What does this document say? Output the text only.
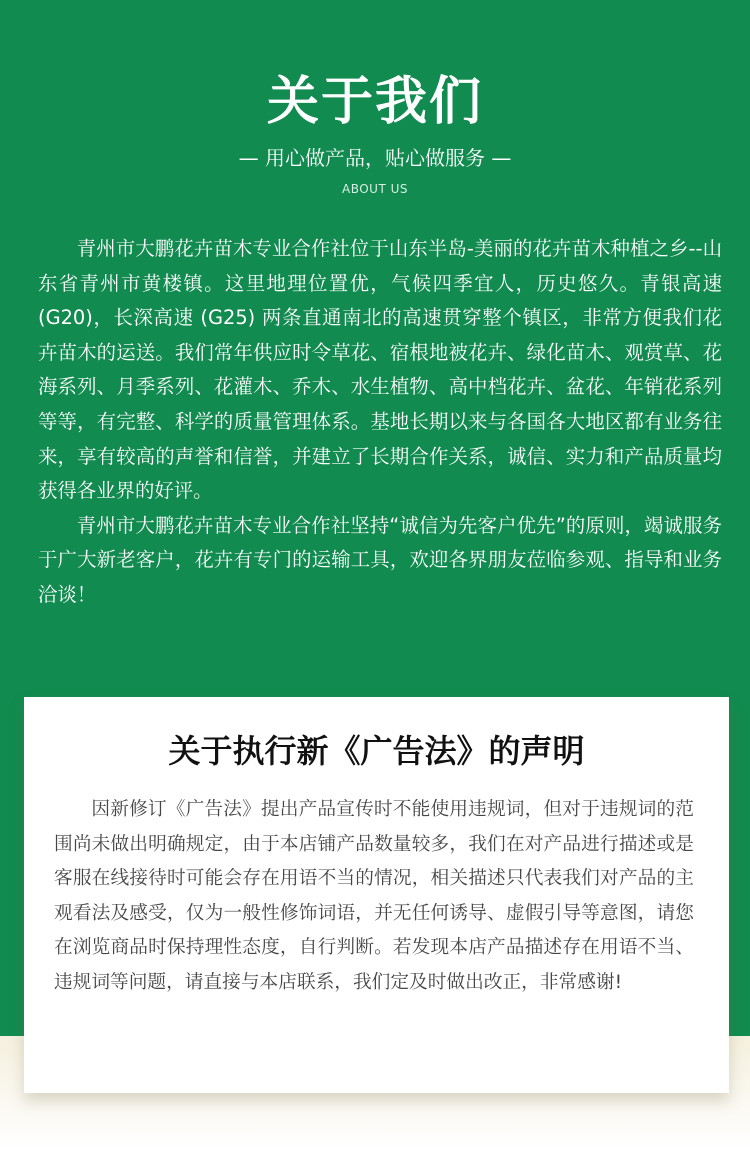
关于我们
— 用心做产品，贴心做服务 —
ABOUT US

青州市大鹏花卉苗木专业合作社位于山东半岛-美丽的花卉苗木种植之乡--山东省青州市黄楼镇。这里地理位置优，气候四季宜人，历史悠久。青银高速 (G20)，长深高速 (G25) 两条直通南北的高速贯穿整个镇区，非常方便我们花卉苗木的运送。我们常年供应时令草花、宿根地被花卉、绿化苗木、观赏草、花海系列、月季系列、花灌木、乔木、水生植物、高中档花卉、盆花、年销花系列等等，有完整、科学的质量管理体系。基地长期以来与各国各大地区都有业务往来，享有较高的声誉和信誉，并建立了长期合作关系，诚信、实力和产品质量均获得各业界的好评。

青州市大鹏花卉苗木专业合作社坚持“诚信为先客户优先”的原则，竭诚服务于广大新老客户，花卉有专门的运输工具，欢迎各界朋友莅临参观、指导和业务洽谈！

关于执行新《广告法》的声明

因新修订《广告法》提出产品宣传时不能使用违规词，但对于违规词的范围尚未做出明确规定，由于本店铺产品数量较多，我们在对产品进行描述或是客服在线接待时可能会存在用语不当的情况，相关描述只代表我们对产品的主观看法及感受，仅为一般性修饰词语，并无任何诱导、虚假引导等意图，请您在浏览商品时保持理性态度，自行判断。若发现本店产品描述存在用语不当、违规词等问题，请直接与本店联系，我们定及时做出改正，非常感谢!
